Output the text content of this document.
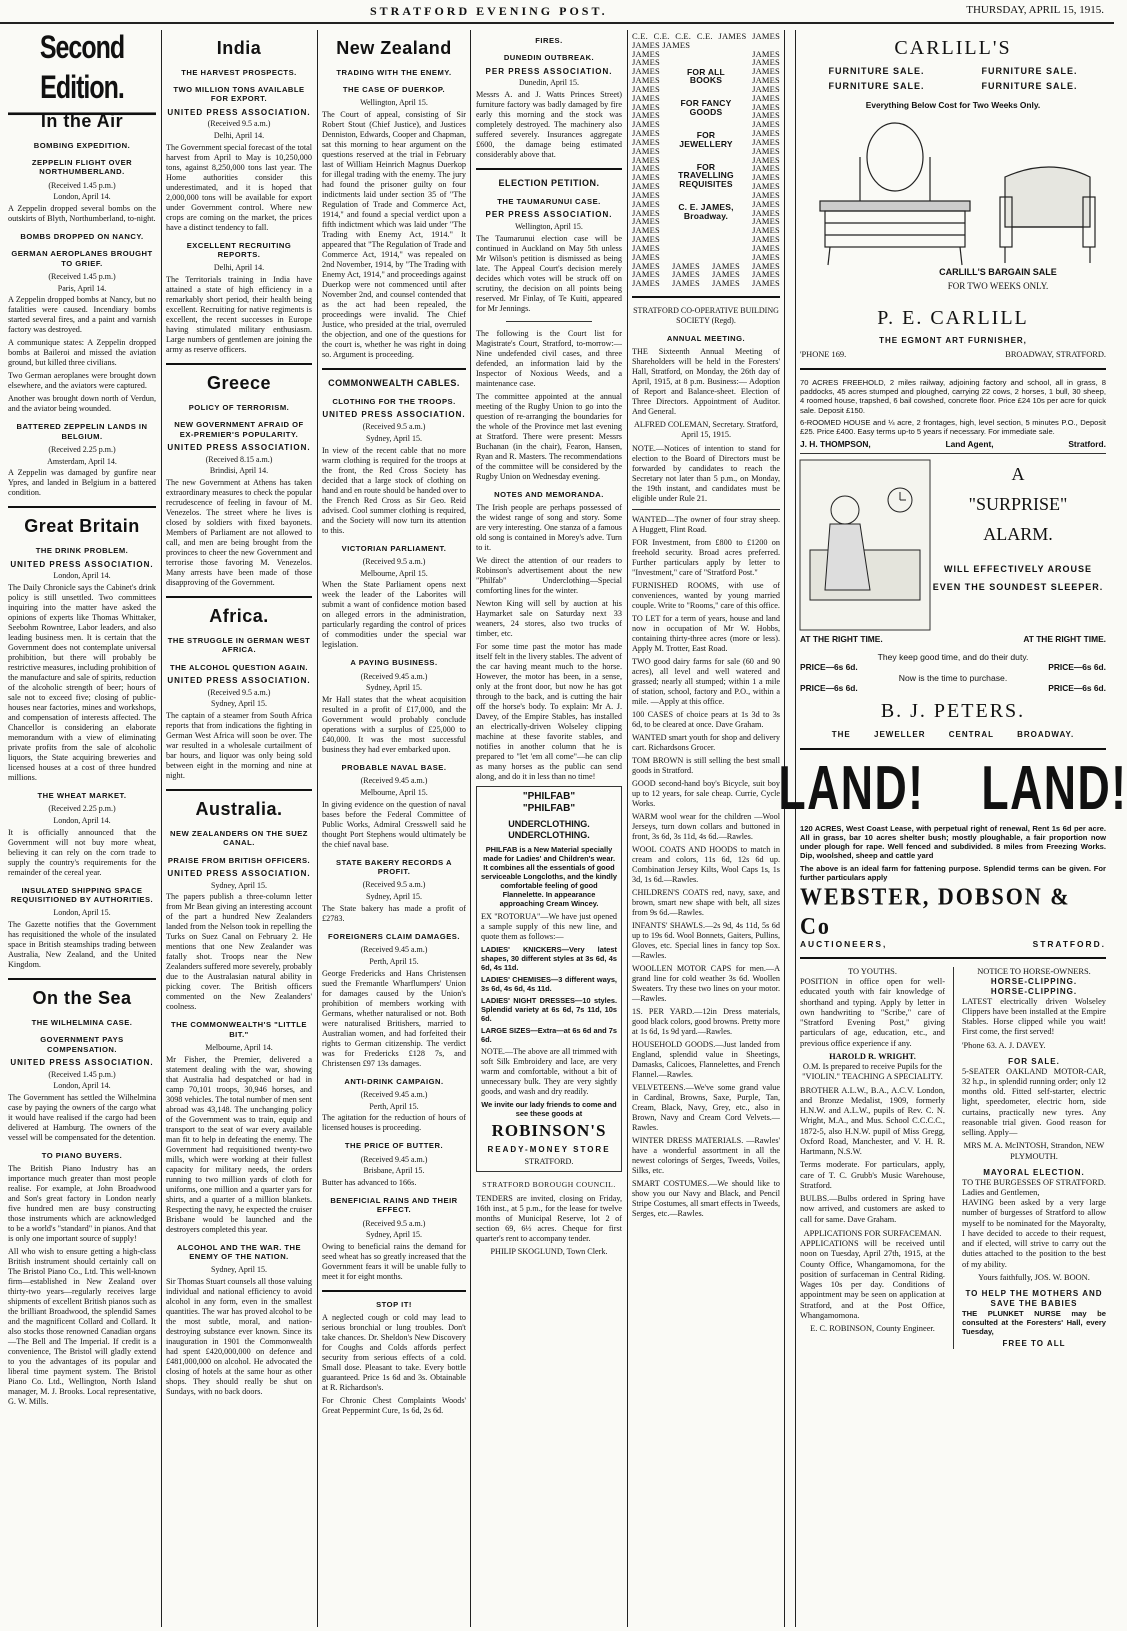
STRATFORD EVENING POST.	THURSDAY, APRIL 15, 1915.
Second Edition.
In the Air
BOMBING EXPEDITION.
ZEPPELIN FLIGHT OVER NORTHUMBERLAND.
(Received 1.45 p.m.)
London, April 14.

A Zeppelin dropped several bombs on the outskirts of Blyth, Northumberland, to-night.

BOMBS DROPPED ON NANCY.
GERMAN AEROPLANES BROUGHT TO GRIEF.
(Received 1.45 p.m.)
Paris, April 14.

A Zeppelin dropped bombs at Nancy, but no fatalities were caused. Incendiary bombs started several fires, and a paint and varnish factory was destroyed.

A communique states: A Zeppelin dropped bombs at Baileroi and missed the aviation ground, but killed three civilians.

Two German aeroplanes were brought down elsewhere, and the aviators were captured.

Another was brought down north of Verdun, and the aviator being wounded.

BATTERED ZEPPELIN LANDS IN BELGIUM.
(Received 2.25 p.m.)
Amsterdam, April 14.

A Zeppelin was damaged by gunfire near Ypres, and landed in Belgium in a battered condition.

Great Britain
THE DRINK PROBLEM.
UNITED PRESS ASSOCIATION.
London, April 14.

The Daily Chronicle says the Cabinet's drink policy is still unsettled. Two committees inquiring into the matter have asked the opinions of experts like Thomas Whittaker, Seebohm Rowntree, Labor leaders, and also leading business men. It is certain that the Government does not contemplate universal prohibition, but there will probably be restrictive measures, including prohibition of the manufacture and sale of spirits, reduction of the alcoholic strength of beer; hours of sale not to exceed five; closing of public-houses near factories, mines and workshops, and compensation of interests affected. The Chancellor is considering an elaborate memorandum with a view of eliminating private profits from the sale of alcoholic liquors, the State acquiring breweries and licensed houses at a cost of three hundred millions.

THE WHEAT MARKET.
(Received 2.25 p.m.)
London, April 14.

It is officially announced that the Government will not buy more wheat, believing it can rely on the corn trade to supply the country's requirements for the remainder of the cereal year.

INSULATED SHIPPING SPACE REQUISITIONED BY AUTHORITIES.
London, April 15.

The Gazette notifies that the Government has requisitioned the whole of the insulated space in British steamships trading between Australia, New Zealand, and the United Kingdom.

On the Sea
THE WILHELMINA CASE.
GOVERNMENT PAYS COMPENSATION.
UNITED PRESS ASSOCIATION.
(Received 1.45 p.m.)
London, April 14.

The Government has settled the Wilhelmina case by paying the owners of the cargo what it would have realised if the cargo had been delivered at Hamburg. The owners of the vessel will be compensated for the detention.

TO PIANO BUYERS.

The British Piano Industry has an importance much greater than most people realise. For example, at John Broadwood and Son's great factory in London nearly five hundred men are busy constructing those instruments which are acknowledged to be a world's "standard" in pianos. And that is only one important source of supply!

All who wish to ensure getting a high-class British instrument should certainly call on The Bristol Piano Co., Ltd. This well-known firm—established in New Zealand over thirty-two years—regularly receives large shipments of excellent British pianos such as the brilliant Broadwood, the splendid Sames and the magnificent Collard and Collard. It also stocks those renowned Canadian organs—The Bell and The Imperial. If credit is a convenience, The Bristol will gladly extend to you the advantages of its popular and liberal time payment system. The Bristol Piano Co. Ltd., Wellington, North Island manager, M. J. Brooks. Local representative, G. W. Mills.

India
THE HARVEST PROSPECTS.
TWO MILLION TONS AVAILABLE FOR EXPORT.
UNITED PRESS ASSOCIATION.
(Received 9.5 a.m.)
Delhi, April 14.

The Government special forecast of the total harvest from April to May is 10,250,000 tons, against 8,250,000 tons last year. The Home authorities consider this underestimated, and it is hoped that 2,000,000 tons will be available for export under Government control. Where new crops are coming on the market, the prices have a distinct tendency to fall.

EXCELLENT RECRUITING REPORTS.
Delhi, April 14.

The Territorials training in India have attained a state of high efficiency in a remarkably short period, their health being excellent. Recruiting for native regiments is excellent, the recent successes in Europe having stimulated military enthusiasm. Large numbers of gentlemen are joining the army as reserve officers.

Greece
POLICY OF TERRORISM.
NEW GOVERNMENT AFRAID OF EX-PREMIER'S POPULARITY.
UNITED PRESS ASSOCIATION.
(Received 8.15 a.m.)
Brindisi, April 14.

The new Government at Athens has taken extraordinary measures to check the popular recrudescence of feeling in favour of M. Venezelos. The street where he lives is closed by soldiers with fixed bayonets. Members of Parliament are not allowed to call, and men are being brought from the provinces to cheer the new Government and terrorise those favoring M. Venezelos. Many arrests have been made of those disapproving of the Government.

Africa.
THE STRUGGLE IN GERMAN WEST AFRICA.
THE ALCOHOL QUESTION AGAIN.
UNITED PRESS ASSOCIATION.
(Received 9.5 a.m.)
Sydney, April 15.

The captain of a steamer from South Africa reports that from indications the fighting in German West Africa will soon be over. The war resulted in a wholesale curtailment of bar hours, and liquor was only being sold between eight in the morning and nine at night.

Australia.
NEW ZEALANDERS ON THE SUEZ CANAL.
PRAISE FROM BRITISH OFFICERS.
UNITED PRESS ASSOCIATION.
Sydney, April 15.

The papers publish a three-column letter from Mr Bean giving an interesting account of the part a hundred New Zealanders landed from the Nelson took in repelling the Turks on Suez Canal on February 2. He mentions that one New Zealander was fatally shot. Troops near the New Zealanders suffered more severely, probably due to the Australasian natural ability in picking cover. The British officers commented on the New Zealanders' coolness.

THE COMMONWEALTH'S "LITTLE BIT."
Melbourne, April 14.

Mr Fisher, the Premier, delivered a statement dealing with the war, showing that Australia had despatched or had in camp 70,101 troops, 30,946 horses, and 3098 vehicles. The total number of men sent abroad was 43,148. The unchanging policy of the Government was to train, equip and transport to the seat of war every available man fit to help in defeating the enemy. The Government had requisitioned twenty-two mills, which were working at their fullest capacity for military needs, the orders running to two million yards of cloth for uniforms, one million and a quarter yars for shirts, and a quarter of a million blankets. Respecting the navy, he expected the cruiser Brisbane would be launched and the destroyers completed this year.

ALCOHOL AND THE WAR. THE ENEMY OF THE NATION.
Sydney, April 15.

Sir Thomas Stuart counsels all those valuing individual and national efficiency to avoid alcohol in any form, even in the smallest quantities. The war has proved alcohol to be the most subtle, moral, and nation-destroying substance ever known. Since its inauguration in 1901 the Commonwealth had spent £420,000,000 on defence and £481,000,000 on alcohol. He advocated the closing of hotels at the same hour as other shops. They should really be shut on Sundays, with no back doors.

New Zealand
TRADING WITH THE ENEMY.
THE CASE OF DUERKOP.
Wellington, April 15.

The Court of appeal, consisting of Sir Robert Stout (Chief Justice), and Justices Denniston, Edwards, Cooper and Chapman, sat this morning to hear argument on the questions reserved at the trial in February last of William Heinrich Magnus Duerkop for illegal trading with the enemy. The jury had found the prisoner guilty on four indictments laid under section 35 of "The Regulation of Trade and Commerce Act, 1914," and found a special verdict upon a fifth indictment which was laid under "The Trading with Enemy Act, 1914." It appeared that "The Regulation of Trade and Commerce Act, 1914," was repealed on 2nd November, 1914, by "The Trading with Enemy Act, 1914," and proceedings against Duerkop were not commenced until after November 2nd, and counsel contended that as the act had been repealed, the proceedings were invalid. The Chief Justice, who presided at the trial, overruled the objection, and one of the questions for the court is, whether he was right in doing so. Argument is proceeding.

COMMONWEALTH CABLES.
CLOTHING FOR THE TROOPS.
UNITED PRESS ASSOCIATION.
(Received 9.5 a.m.)
Sydney, April 15.

In view of the recent cable that no more warm clothing is required for the troops at the front, the Red Cross Society has decided that a large stock of clothing on hand and en route should be handed over to the French Red Cross as Sir Geo. Reid advised. Cool summer clothing is required, and the Society will now turn its attention to this.

VICTORIAN PARLIAMENT.
(Received 9.5 a.m.)
Melbourne, April 15.

When the State Parliament opens next week the leader of the Laborites will submit a want of confidence motion based on alleged errors in the administration, particularly regarding the control of prices of commodities under the special war legislation.

A PAYING BUSINESS.
(Received 9.45 a.m.)
Sydney, April 15.

Mr Hall states that the wheat acquisition resulted in a profit of £17,000, and the Government would probably conclude operations with a surplus of £25,000 to £40,000. It was the most successful business they had ever embarked upon.

PROBABLE NAVAL BASE.
(Received 9.45 a.m.)
Melbourne, April 15.

In giving evidence on the question of naval bases before the Federal Committee of Public Works, Admiral Cresswell said he thought Port Stephens would ultimately be the chief naval base.

STATE BAKERY RECORDS A PROFIT.
(Received 9.5 a.m.)
Sydney, April 15.

The State bakery has made a profit of £2783.

FOREIGNERS CLAIM DAMAGES.
(Received 9.45 a.m.)
Perth, April 15.

George Fredericks and Hans Christensen sued the Fremantle Wharflumpers' Union for damages caused by the Union's prohibition of members working with Germans, whether naturalised or not. Both were naturalised Britishers, married to Australian women, and had forfeited their rights to German citizenship. The verdict was for Fredericks £128 7s, and Christensen £97 13s damages.

ANTI-DRINK CAMPAIGN.
(Received 9.45 a.m.)
Perth, April 15.

The agitation for the reduction of hours of licensed houses is proceeding.

THE PRICE OF BUTTER.
(Received 9.45 a.m.)
Brisbane, April 15.

Butter has advanced to 166s.

BENEFICIAL RAINS AND THEIR EFFECT.
(Received 9.5 a.m.)
Sydney, April 15.

Owing to beneficial rains the demand for seed wheat has so greatly increased that the Government fears it will be unable fully to meet it for eight months.

STOP IT!

A neglected cough or cold may lead to serious bronchial or lung troubles. Don't take chances. Dr. Sheldon's New Discovery for Coughs and Colds affords perfect security from serious effects of a cold. Small dose. Pleasant to take. Every bottle guaranteed. Price 1s 6d and 3s. Obtainable at R. Richardson's.

For Chronic Chest Complaints Woods' Great Peppermint Cure, 1s 6d, 2s 6d.

FIRES.
DUNEDIN OUTBREAK.
PER PRESS ASSOCIATION.
Dunedin, April 15.

Messrs A. and J. Watts Princes Street) furniture factory was badly damaged by fire early this morning and the stock was completely destroyed. The machinery also suffered severely. Insurances aggregate £600, the damage being estimated considerably above that.

ELECTION PETITION.
THE TAUMARUNUI CASE.
PER PRESS ASSOCIATION.
Wellington, April 15.

The Taumarunui election case will be continued in Auckland on May 5th unless Mr Wilson's petition is dismissed as being late. The Appeal Court's decision merely decides which votes will be struck off on scrutiny, the decision on all points being reserved. Mr Finlay, of Te Kuiti, appeared for Mr Jennings.

The following is the Court list for Magistrate's Court, Stratford, to-morrow:—Nine undefended civil cases, and three defended, an information laid by the Inspector of Noxious Weeds, and a maintenance case.

The committee appointed at the annual meeting of the Rugby Union to go into the question of re-arranging the boundaries for the whole of the Province met last evening at Stratford. There were present: Messrs Buchanan (in the chair), Fearon, Hansen, Ryan and R. Masters. The recommendations of the committee will be considered by the Rugby Union on Wednesday evening.

NOTES AND MEMORANDA.

The Irish people are perhaps possessed of the widest range of song and story. Some are very interesting. One stanza of a famous old song is contained in Morey's adve. Turn to it.

We direct the attention of our readers to Robinson's advertisement about the new "Philfab" Underclothing—Special comforting lines for the winter.

Newton King will sell by auction at his Haymarket sale on Saturday next 33 weaners, 24 stores, also two trucks of timber, etc.

For some time past the motor has made itself felt in the livery stables. The advent of the car having meant much to the horse. However, the motor has been, in a sense, only at the front door, but now he has got through to the back, and is cutting the hair off the horse's body. To explain: Mr A. J. Davey, of the Empire Stables, has installed an electrically-driven Wolseley clipping machine at these favorite stables, and notifies in another column that he is prepared to "let 'em all come"—he can clip as many horses as the public can send along, and do it in less than no time!

"PHILFAB"
"PHILFAB"
UNDERCLOTHING.
UNDERCLOTHING.

PHILFAB is a New Material specially made for Ladies' and Children's wear. It combines all the essentials of good serviceable Longcloths, and the kindly comfortable feeling of good Flannelette. In appearance approaching Cream Wincey.

EX "ROTORUA"—We have just opened a sample supply of this new line, and quote them as follows:—

LADIES' KNICKERS—Very latest shapes, 30 different styles at 3s 6d, 4s 6d, 4s 11d.

LADIES' CHEMISES—3 different ways, 3s 6d, 4s 6d, 4s 11d.

LADIES' NIGHT DRESSES—10 styles. Splendid variety at 6s 6d, 7s 11d, 10s 6d.

LARGE SIZES—Extra—at 6s 6d and 7s 6d.

NOTE.—The above are all trimmed with soft Silk Embroidery and lace, are very warm and comfortable, without a bit of unnecessary bulk. They are very sightly goods, and wash and dry readily.

We invite our lady friends to come and see these goods at

ROBINSON'S
READY-MONEY STORE
STRATFORD.
STRATFORD BOROUGH COUNCIL.

TENDERS are invited, closing on Friday, 16th inst., at 5 p.m., for the lease for twelve months of Municipal Reserve, lot 2 of section 69, 6½ acres. Cheque for first quarter's rent to accompany tender.

PHILIP SKOGLUND, Town Clerk.
C.E. C.E. C.E. C.E. JAMES JAMES JAMES JAMES
JAMES
JAMES
JAMES
JAMES
JAMES
JAMES
JAMES
JAMES
JAMES
JAMES
JAMES
JAMES
JAMES
JAMES
JAMES
JAMES
JAMES
JAMES
JAMES
JAMES
JAMES
JAMES
JAMES
JAMES
FOR ALL BOOKS
FOR FANCY GOODS
FOR JEWELLERY
FOR TRAVELLING REQUISITES
C. E. JAMES, Broadway.
JAMES
JAMES
JAMES
JAMES
JAMES
JAMES
JAMES
JAMES
JAMES
JAMES
JAMES
JAMES
JAMES
JAMES
JAMES
JAMES
JAMES
JAMES
JAMES
JAMES
JAMES
JAMES
JAMES
JAMES
JAMES JAMES JAMES JAMES
JAMES JAMES JAMES JAMES
JAMES JAMES JAMES JAMES
STRATFORD CO-OPERATIVE BUILDING SOCIETY (Regd).
ANNUAL MEETING.

THE Sixteenth Annual Meeting of Shareholders will be held in the Foresters' Hall, Stratford, on Monday, the 26th day of April, 1915, at 8 p.m. Business:— Adoption of Report and Balance-sheet. Election of Three Directors. Appointment of Auditor. And General.

ALFRED COLEMAN, Secretary. Stratford, April 15, 1915.

NOTE.—Notices of intention to stand for election to the Board of Directors must be forwarded by candidates to reach the Secretary not later than 5 p.m., on Monday, the 19th instant, and candidates must be eligible under Rule 21.

WANTED—The owner of four stray sheep. A Huggett, Flint Road.

FOR Investment, from £800 to £1200 on freehold security. Broad acres preferred. Further particulars apply by letter to "Investment," care of "Stratford Post."

FURNISHED ROOMS, with use of conveniences, wanted by young married couple. Write to "Rooms," care of this office.

TO LET for a term of years, house and land now in occupation of Mr W. Hobbs, containing thirty-three acres (more or less). Apply M. Trotter, East Road.

TWO good dairy farms for sale (60 and 90 acres), all level and well watered and grassed; nearly all stumped; within 1 a mile of station, school, factory and P.O., within a mile. —Apply at this office.

100 CASES of choice pears at 1s 3d to 3s 6d, to be cleared at once. Dave Graham.

WANTED smart youth for shop and delivery cart. Richardsons Grocer.

TOM BROWN is still selling the best small goods in Stratford.

GOOD second-hand boy's Bicycle, suit boy up to 12 years, for sale cheap. Currie, Cycle Works.

WARM wool wear for the children —Wool Jerseys, turn down collars and buttoned in front, 3s 6d, 3s 11d, 4s 6d.—Rawles.

WOOL COATS AND HOODS to match in cream and colors, 11s 6d, 12s 6d up. Combination Jersey Kilts, Wool Caps 1s, 1s 3d, 1s 6d.—Rawles.

CHILDREN'S COATS red, navy, saxe, and brown, smart new shape with belt, all sizes from 9s 6d.—Rawles.

INFANTS' SHAWLS.—2s 9d, 4s 11d, 5s 6d up to 19s 6d. Wool Bonnets, Gaiters, Pullins, Gloves, etc. Special lines in fancy top Sox.—Rawles.

WOOLLEN MOTOR CAPS for men.—A grand line for cold weather 3s 6d. Woollen Sweaters. Try these two lines on your motor.—Rawles.

1S. PER YARD.—12in Dress materials, good black colors, good browns. Pretty more at 1s 6d, 1s 9d yard.—Rawles.

HOUSEHOLD GOODS.—Just landed from England, splendid value in Sheetings, Damasks, Calicoes, Flannelettes, and French Flannel.—Rawles.

VELVETEENS.—We've some grand value in Cardinal, Browns, Saxe, Purple, Tan, Cream, Black, Navy, Grey, etc., also in Brown, Navy and Cream Cord Velvets.—Rawles.

WINTER DRESS MATERIALS. —Rawles' have a wonderful assortment in all the newest colorings of Serges, Tweeds, Voiles, Silks, etc.

SMART COSTUMES.—We should like to show you our Navy and Black, and Pencil Stripe Costumes, all smart effects in Tweeds, Serges, etc.—Rawles.

CARLILL'S
FURNITURE SALE.	FURNITURE SALE.
FURNITURE SALE.	FURNITURE SALE.
Everything Below Cost for Two Weeks Only.
CARLILL'S BARGAIN SALE
FOR TWO WEEKS ONLY.
P. E. CARLILL
THE EGMONT ART FURNISHER,
'PHONE 169.	BROADWAY, STRATFORD.

70 ACRES FREEHOLD, 2 miles railway, adjoining factory and school, all in grass, 8 paddocks, 45 acres stumped and ploughed, carrying 22 cows, 2 horses, 1 bull, 30 sheep, 4 roomed house, trapshed, 6 bail cowshed, concrete floor. Price £24 10s per acre for quick sale. Deposit £150.

6-ROOMED HOUSE and ¼ acre, 2 frontages, high, level section, 5 minutes P.O., Deposit £25. Price £400. Easy terms up-to 5 years if necessary. For immediate sale.

J. H. THOMPSON,	Land Agent,	Stratford.
A
"SURPRISE"
ALARM.
WILL EFFECTIVELY AROUSE EVEN THE SOUNDEST SLEEPER.
AT THE RIGHT TIME.	AT THE RIGHT TIME.
They keep good time, and do their duty.
PRICE—6s 6d.	PRICE—6s 6d.
Now is the time to purchase.
PRICE—6s 6d.	PRICE—6s 6d.
B. J. PETERS.
THE JEWELLER CENTRAL BROADWAY.
LAND! LAND!

120 ACRES, West Coast Lease, with perpetual right of renewal, Rent 1s 6d per acre. All in grass, bar 10 acres shelter bush; mostly ploughable, a fair proportion now under plough for rape. Well fenced and subdivided. 8 miles from Freezing Works. Dip, woolshed, sheep and cattle yard

The above is an ideal farm for fattening purpose. Splendid terms can be given. For further particulars apply

WEBSTER, DOBSON & Co
AUCTIONEERS,	STRATFORD.
TO YOUTHS.

POSITION in office open for well-educated youth with fair knowledge of shorthand and typing. Apply by letter in own handwriting to "Scribe," care of "Stratford Evening Post," giving particulars of age, education, etc., and previous office experience if any.

HAROLD R. WRIGHT.

O.M. Is prepared to receive Pupils for the "VIOLIN." TEACHING A SPECIALITY.

BROTHER A.L.W., B.A., A.C.V. London, and Bronze Medalist, 1909, formerly H.N.W. and A.L.W., pupils of Rev. C. N. Wright, M.A., and Mus. School C.C.C.C., 1872-5, also H.N.W. pupil of Miss Gregg, Oxford Road, Manchester, and V. H. R. Hartmann, N.S.W.

Terms moderate. For particulars, apply, care of T. C. Grubb's Music Warehouse, Stratford.

BULBS.—Bulbs ordered in Spring have now arrived, and customers are asked to call for same. Dave Graham.

APPLICATIONS FOR SURFACEMAN.

APPLICATIONS will be received until noon on Tuesday, April 27th, 1915, at the County Office, Whangamomona, for the position of surfaceman in Central Riding. Wages 10s per day. Conditions of appointment may be seen on application at Stratford, and at the Post Office, Whangamomona.

E. C. ROBINSON, County Engineer.
NOTICE TO HORSE-OWNERS.
HORSE-CLIPPING.
HORSE-CLIPPING.

LATEST electrically driven Wolseley Clippers have been installed at the Empire Stables. Horse clipped while you wait! First come, the first served!

'Phone 63. A. J. DAVEY.
FOR SALE.

5-SEATER OAKLAND MOTOR-CAR, 32 h.p., in splendid running order; only 12 months old. Fitted self-starter, electric light, speedometer, electric horn, side curtains, practically new tyres. Any reasonable trial given. Good reason for selling. Apply—

MRS M. A. McINTOSH, Strandon, NEW PLYMOUTH.
MAYORAL ELECTION.
TO THE BURGESSES OF STRATFORD.
Ladies and Gentlemen,

HAVING been asked by a very large number of burgesses of Stratford to allow myself to be nominated for the Mayoralty, I have decided to accede to their request, and if elected, will strive to carry out the duties attached to the position to the best of my ability.

Yours faithfully, JOS. W. BOON.
TO HELP THE MOTHERS AND SAVE THE BABIES

THE PLUNKET NURSE may be consulted at the Foresters' Hall, every Tuesday,

FREE TO ALL
